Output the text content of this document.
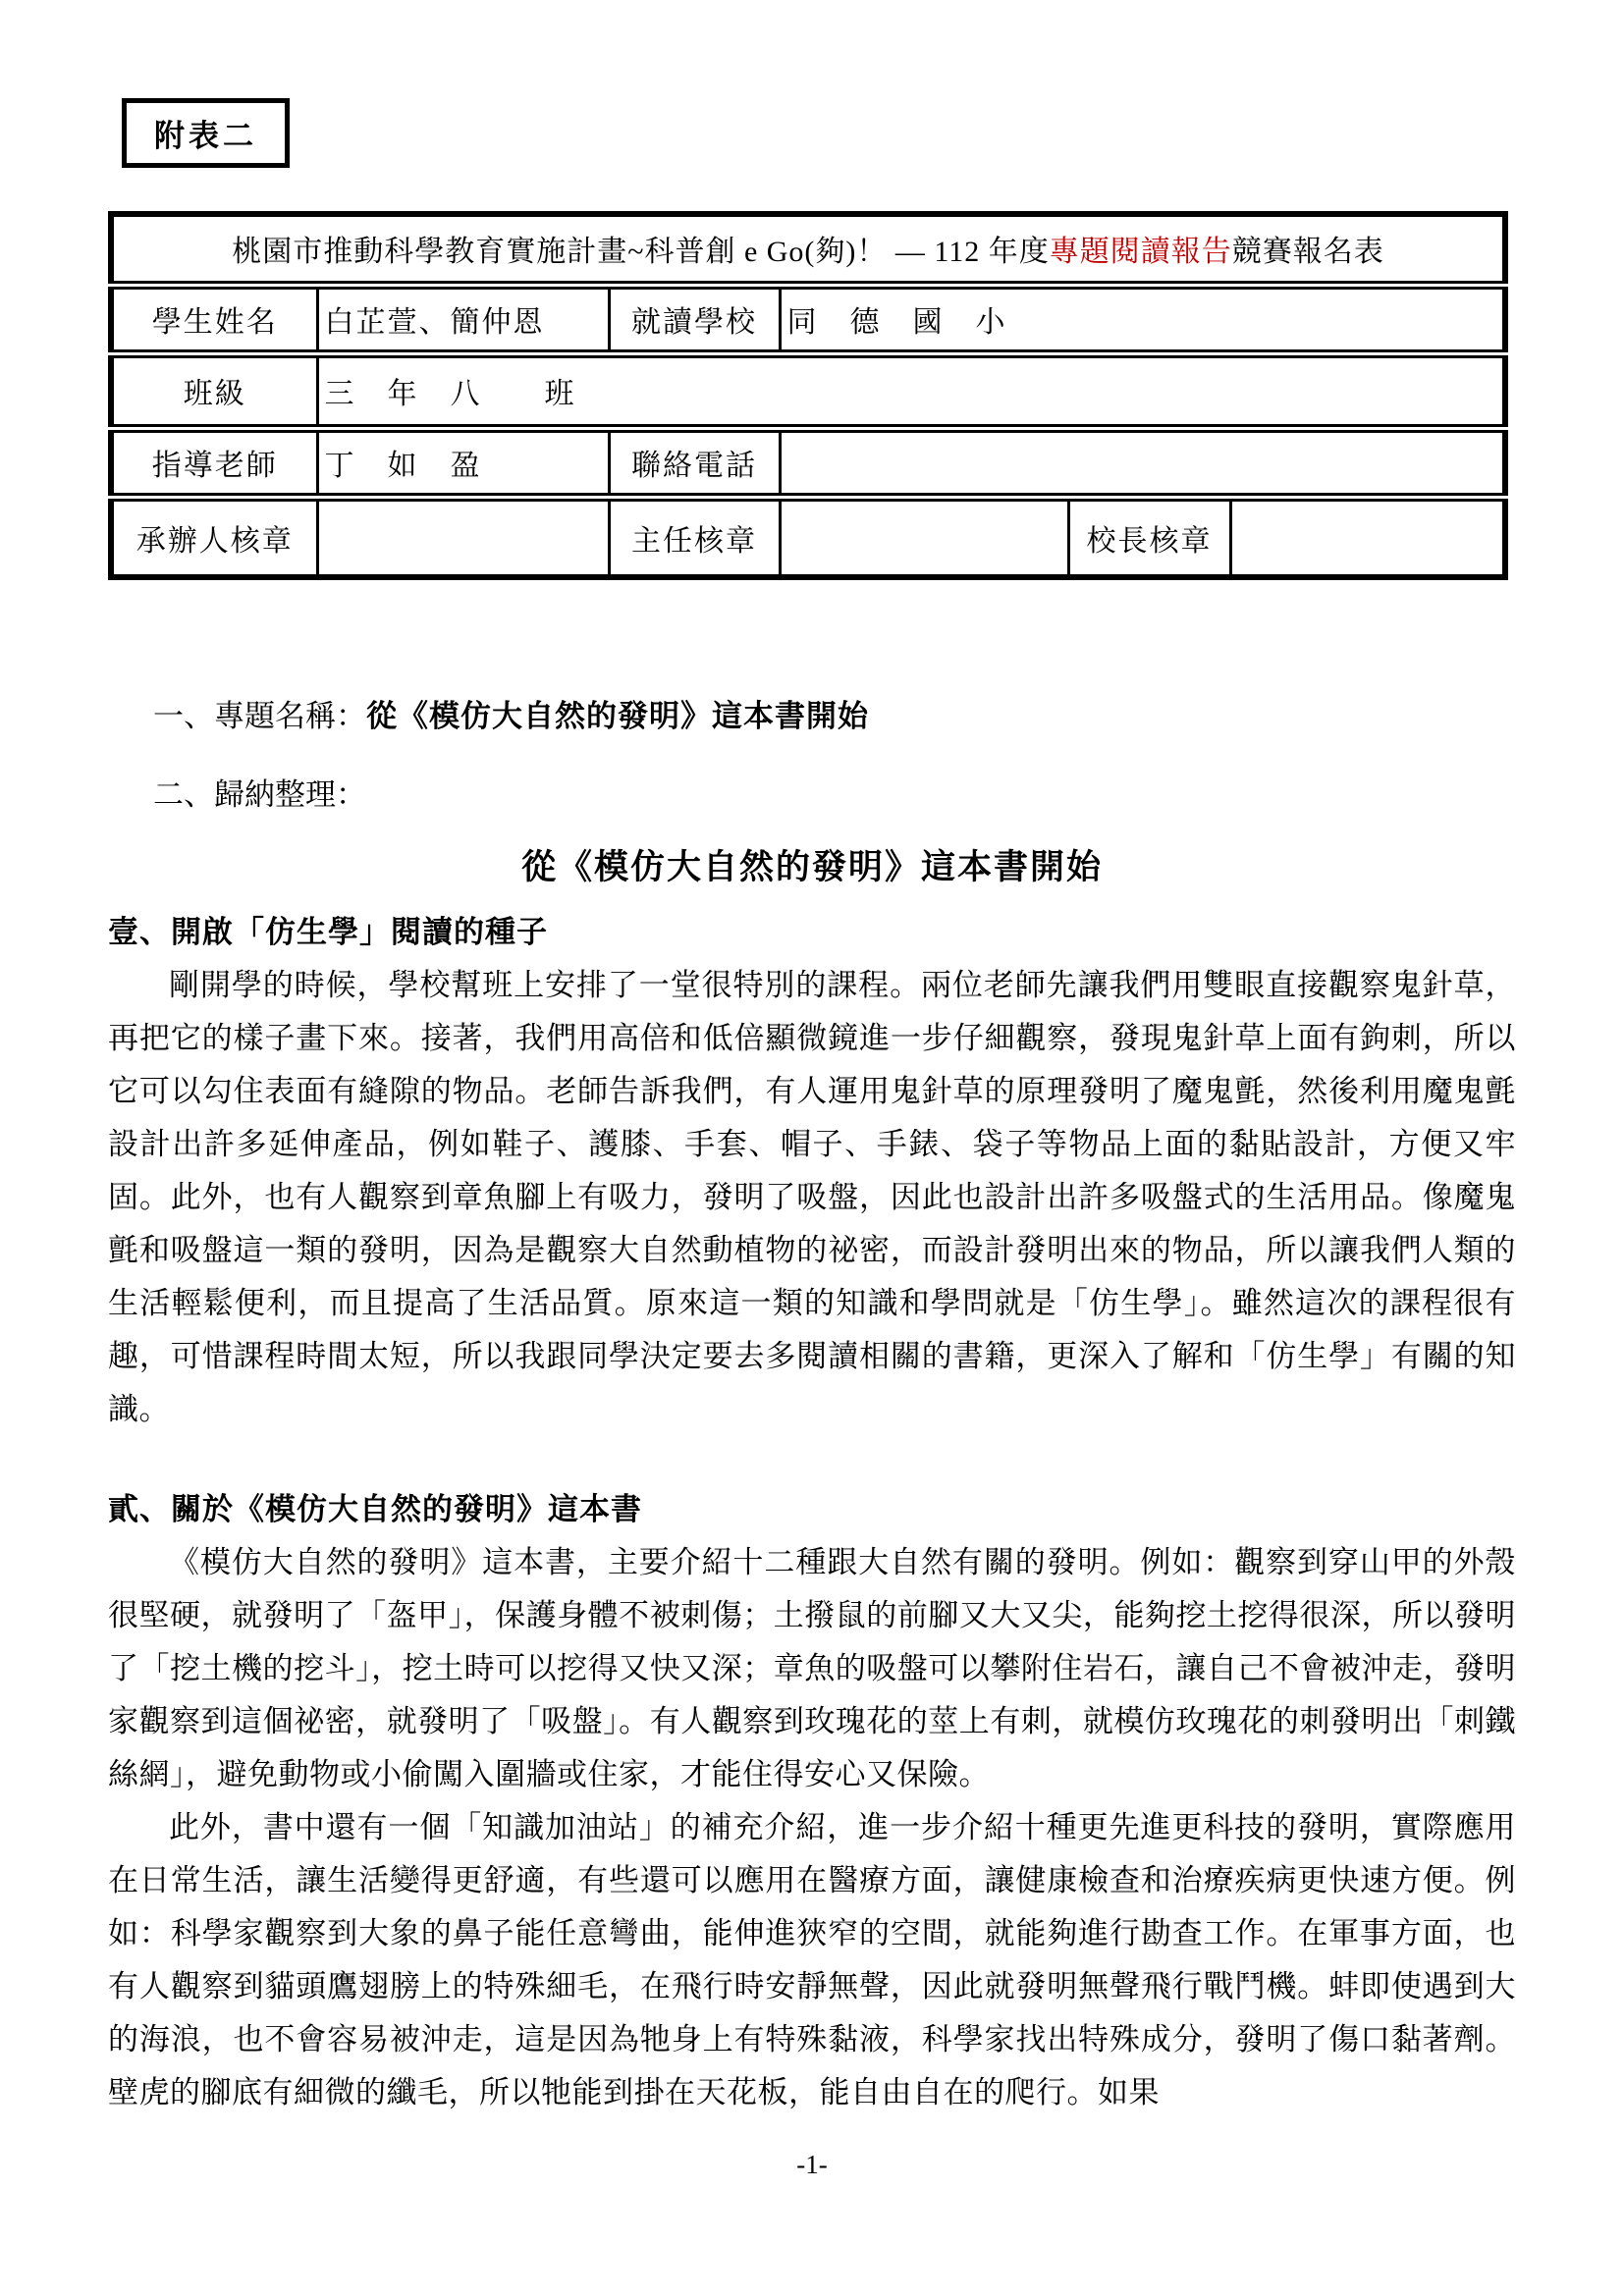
附表二
桃園市推動科學教育實施計畫~科普創 e Go(夠)！ — 112 年度專題閱讀報告競賽報名表					
學生姓名	白芷萱、簡仲恩	就讀學校	同　德　國　小		
班級	三　年　八　　班				
指導老師	丁　如　盈	聯絡電話			
承辦人核章		主任核章		校長核章	
一、專題名稱：從《模仿大自然的發明》這本書開始
二、歸納整理：
從《模仿大自然的發明》這本書開始
壹、開啟「仿生學」閱讀的種子

剛開學的時候，學校幫班上安排了一堂很特別的課程。兩位老師先讓我們用雙眼直接觀察鬼針草，再把它的樣子畫下來。接著，我們用高倍和低倍顯微鏡進一步仔細觀察，發現鬼針草上面有鉤刺，所以它可以勾住表面有縫隙的物品。老師告訴我們，有人運用鬼針草的原理發明了魔鬼氈，然後利用魔鬼氈設計出許多延伸產品，例如鞋子、護膝、手套、帽子、手錶、袋子等物品上面的黏貼設計，方便又牢固。此外，也有人觀察到章魚腳上有吸力，發明了吸盤，因此也設計出許多吸盤式的生活用品。像魔鬼氈和吸盤這一類的發明，因為是觀察大自然動植物的祕密，而設計發明出來的物品，所以讓我們人類的生活輕鬆便利，而且提高了生活品質。原來這一類的知識和學問就是「仿生學」。雖然這次的課程很有趣，可惜課程時間太短，所以我跟同學決定要去多閱讀相關的書籍，更深入了解和「仿生學」有關的知識。

貳、關於《模仿大自然的發明》這本書

《模仿大自然的發明》這本書，主要介紹十二種跟大自然有關的發明。例如：觀察到穿山甲的外殼很堅硬，就發明了「盔甲」，保護身體不被刺傷；土撥鼠的前腳又大又尖，能夠挖土挖得很深，所以發明了「挖土機的挖斗」，挖土時可以挖得又快又深；章魚的吸盤可以攀附住岩石，讓自己不會被沖走，發明家觀察到這個祕密，就發明了「吸盤」。有人觀察到玫瑰花的莖上有刺，就模仿玫瑰花的刺發明出「刺鐵絲網」，避免動物或小偷闖入圍牆或住家，才能住得安心又保險。

此外，書中還有一個「知識加油站」的補充介紹，進一步介紹十種更先進更科技的發明，實際應用在日常生活，讓生活變得更舒適，有些還可以應用在醫療方面，讓健康檢查和治療疾病更快速方便。例如：科學家觀察到大象的鼻子能任意彎曲，能伸進狹窄的空間，就能夠進行勘查工作。在軍事方面，也有人觀察到貓頭鷹翅膀上的特殊細毛，在飛行時安靜無聲，因此就發明無聲飛行戰鬥機。蚌即使遇到大的海浪，也不會容易被沖走，這是因為牠身上有特殊黏液，科學家找出特殊成分，發明了傷口黏著劑。壁虎的腳底有細微的纖毛，所以牠能到掛在天花板，能自由自在的爬行。如果

-1-
